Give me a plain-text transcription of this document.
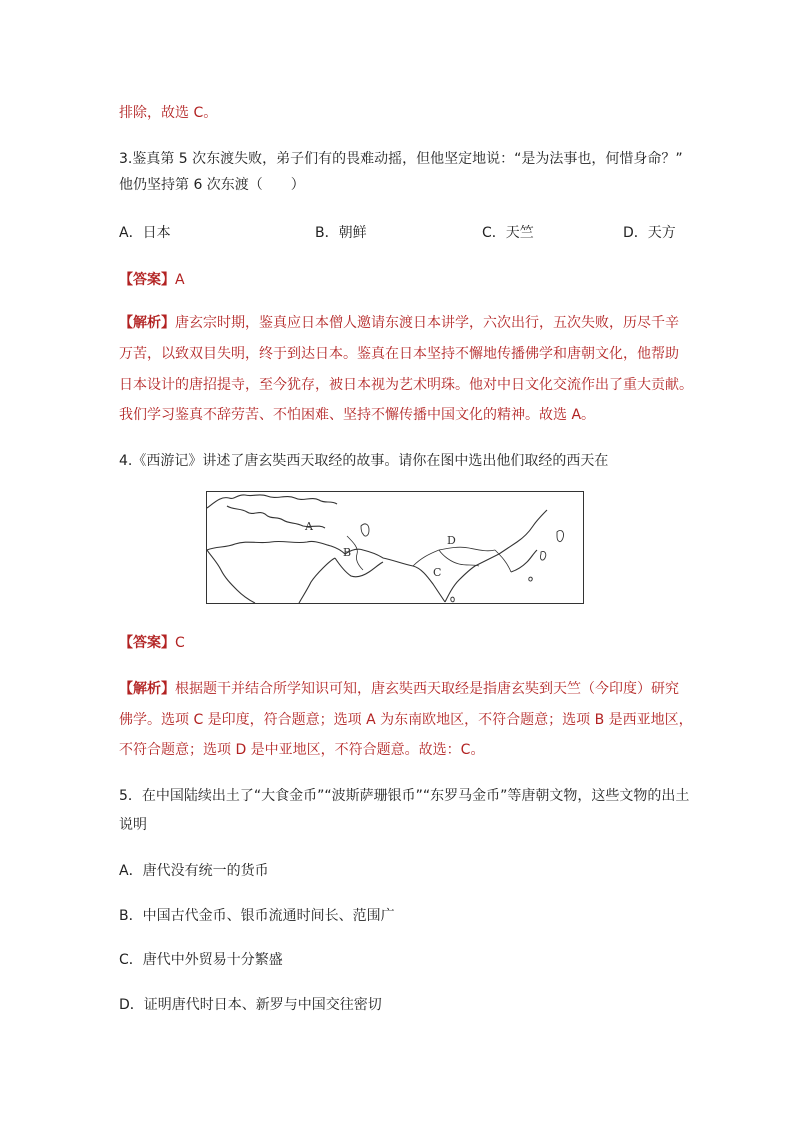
排除，故选 C。
3.鉴真第 5 次东渡失败，弟子们有的畏难动摇，但他坚定地说：“是为法事也，何惜身命？”
他仍坚持第 6 次东渡（　　）
A．日本	B．朝鲜	C．天竺	D．天方
【答案】A
【解析】唐玄宗时期，鉴真应日本僧人邀请东渡日本讲学，六次出行，五次失败，历尽千辛
万苦，以致双目失明，终于到达日本。鉴真在日本坚持不懈地传播佛学和唐朝文化，他帮助
日本设计的唐招提寺，至今犹存，被日本视为艺术明珠。他对中日文化交流作出了重大贡献。
我们学习鉴真不辞劳苦、不怕困难、坚持不懈传播中国文化的精神。故选 A。
4.《西游记》讲述了唐玄奘西天取经的故事。请你在图中选出他们取经的西天在
A
B
C
D
【答案】C
【解析】根据题干并结合所学知识可知，唐玄奘西天取经是指唐玄奘到天竺（今印度）研究
佛学。选项 C 是印度，符合题意；选项 A 为东南欧地区，不符合题意；选项 B 是西亚地区，
不符合题意；选项 D 是中亚地区，不符合题意。故选：C。
5．在中国陆续出土了“大食金币”“波斯萨珊银币”“东罗马金币”等唐朝文物，这些文物的出土
说明
A．唐代没有统一的货币
B．中国古代金币、银币流通时间长、范围广
C．唐代中外贸易十分繁盛
D．证明唐代时日本、新罗与中国交往密切
